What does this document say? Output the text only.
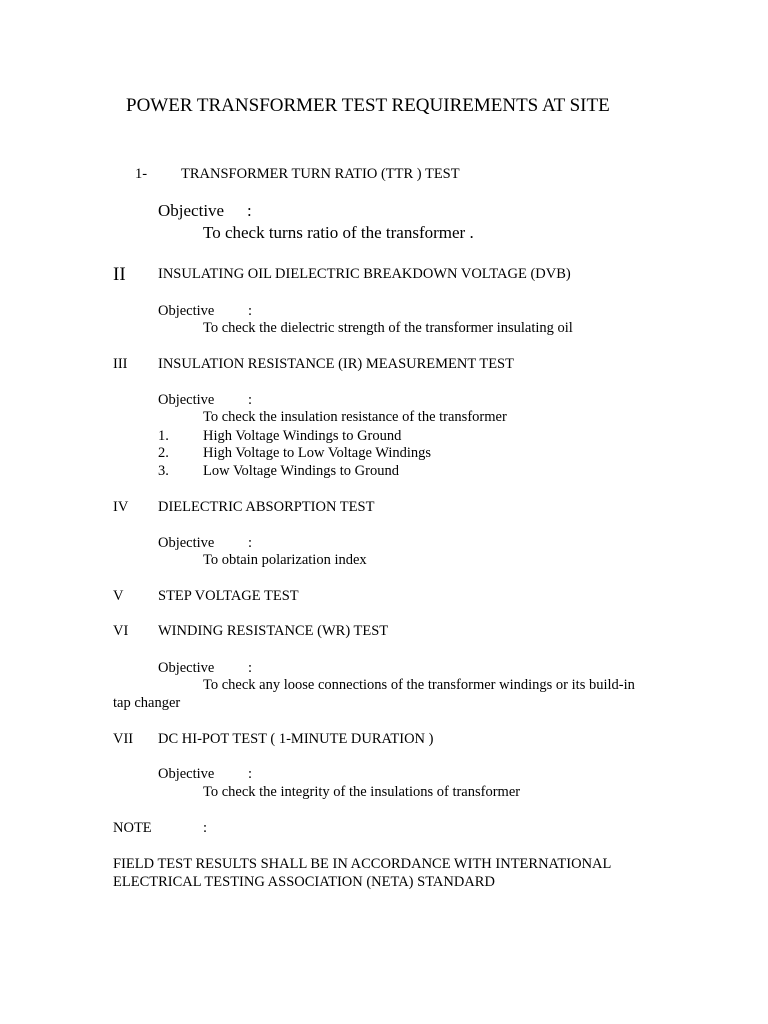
POWER TRANSFORMER TEST REQUIREMENTS AT SITE
1- TRANSFORMER TURN RATIO (TTR ) TEST
Objective :
To check turns ratio of the transformer .
II INSULATING OIL DIELECTRIC BREAKDOWN VOLTAGE (DVB)
Objective :
To check the dielectric strength of the transformer insulating oil
III INSULATION RESISTANCE (IR) MEASUREMENT TEST
Objective :
To check the insulation resistance of the transformer
1. High Voltage Windings to Ground
2. High Voltage to Low Voltage Windings
3. Low Voltage Windings to Ground
IV DIELECTRIC ABSORPTION TEST
Objective :
To obtain polarization index
V STEP VOLTAGE TEST
VI WINDING RESISTANCE (WR) TEST
Objective :
To check any loose connections of the transformer windings or its build-in
tap changer
VII DC HI-POT TEST ( 1-MINUTE DURATION )
Objective :
To check the integrity of the insulations of transformer
NOTE	:
FIELD TEST RESULTS SHALL BE IN ACCORDANCE WITH INTERNATIONAL
ELECTRICAL TESTING ASSOCIATION (NETA) STANDARD
